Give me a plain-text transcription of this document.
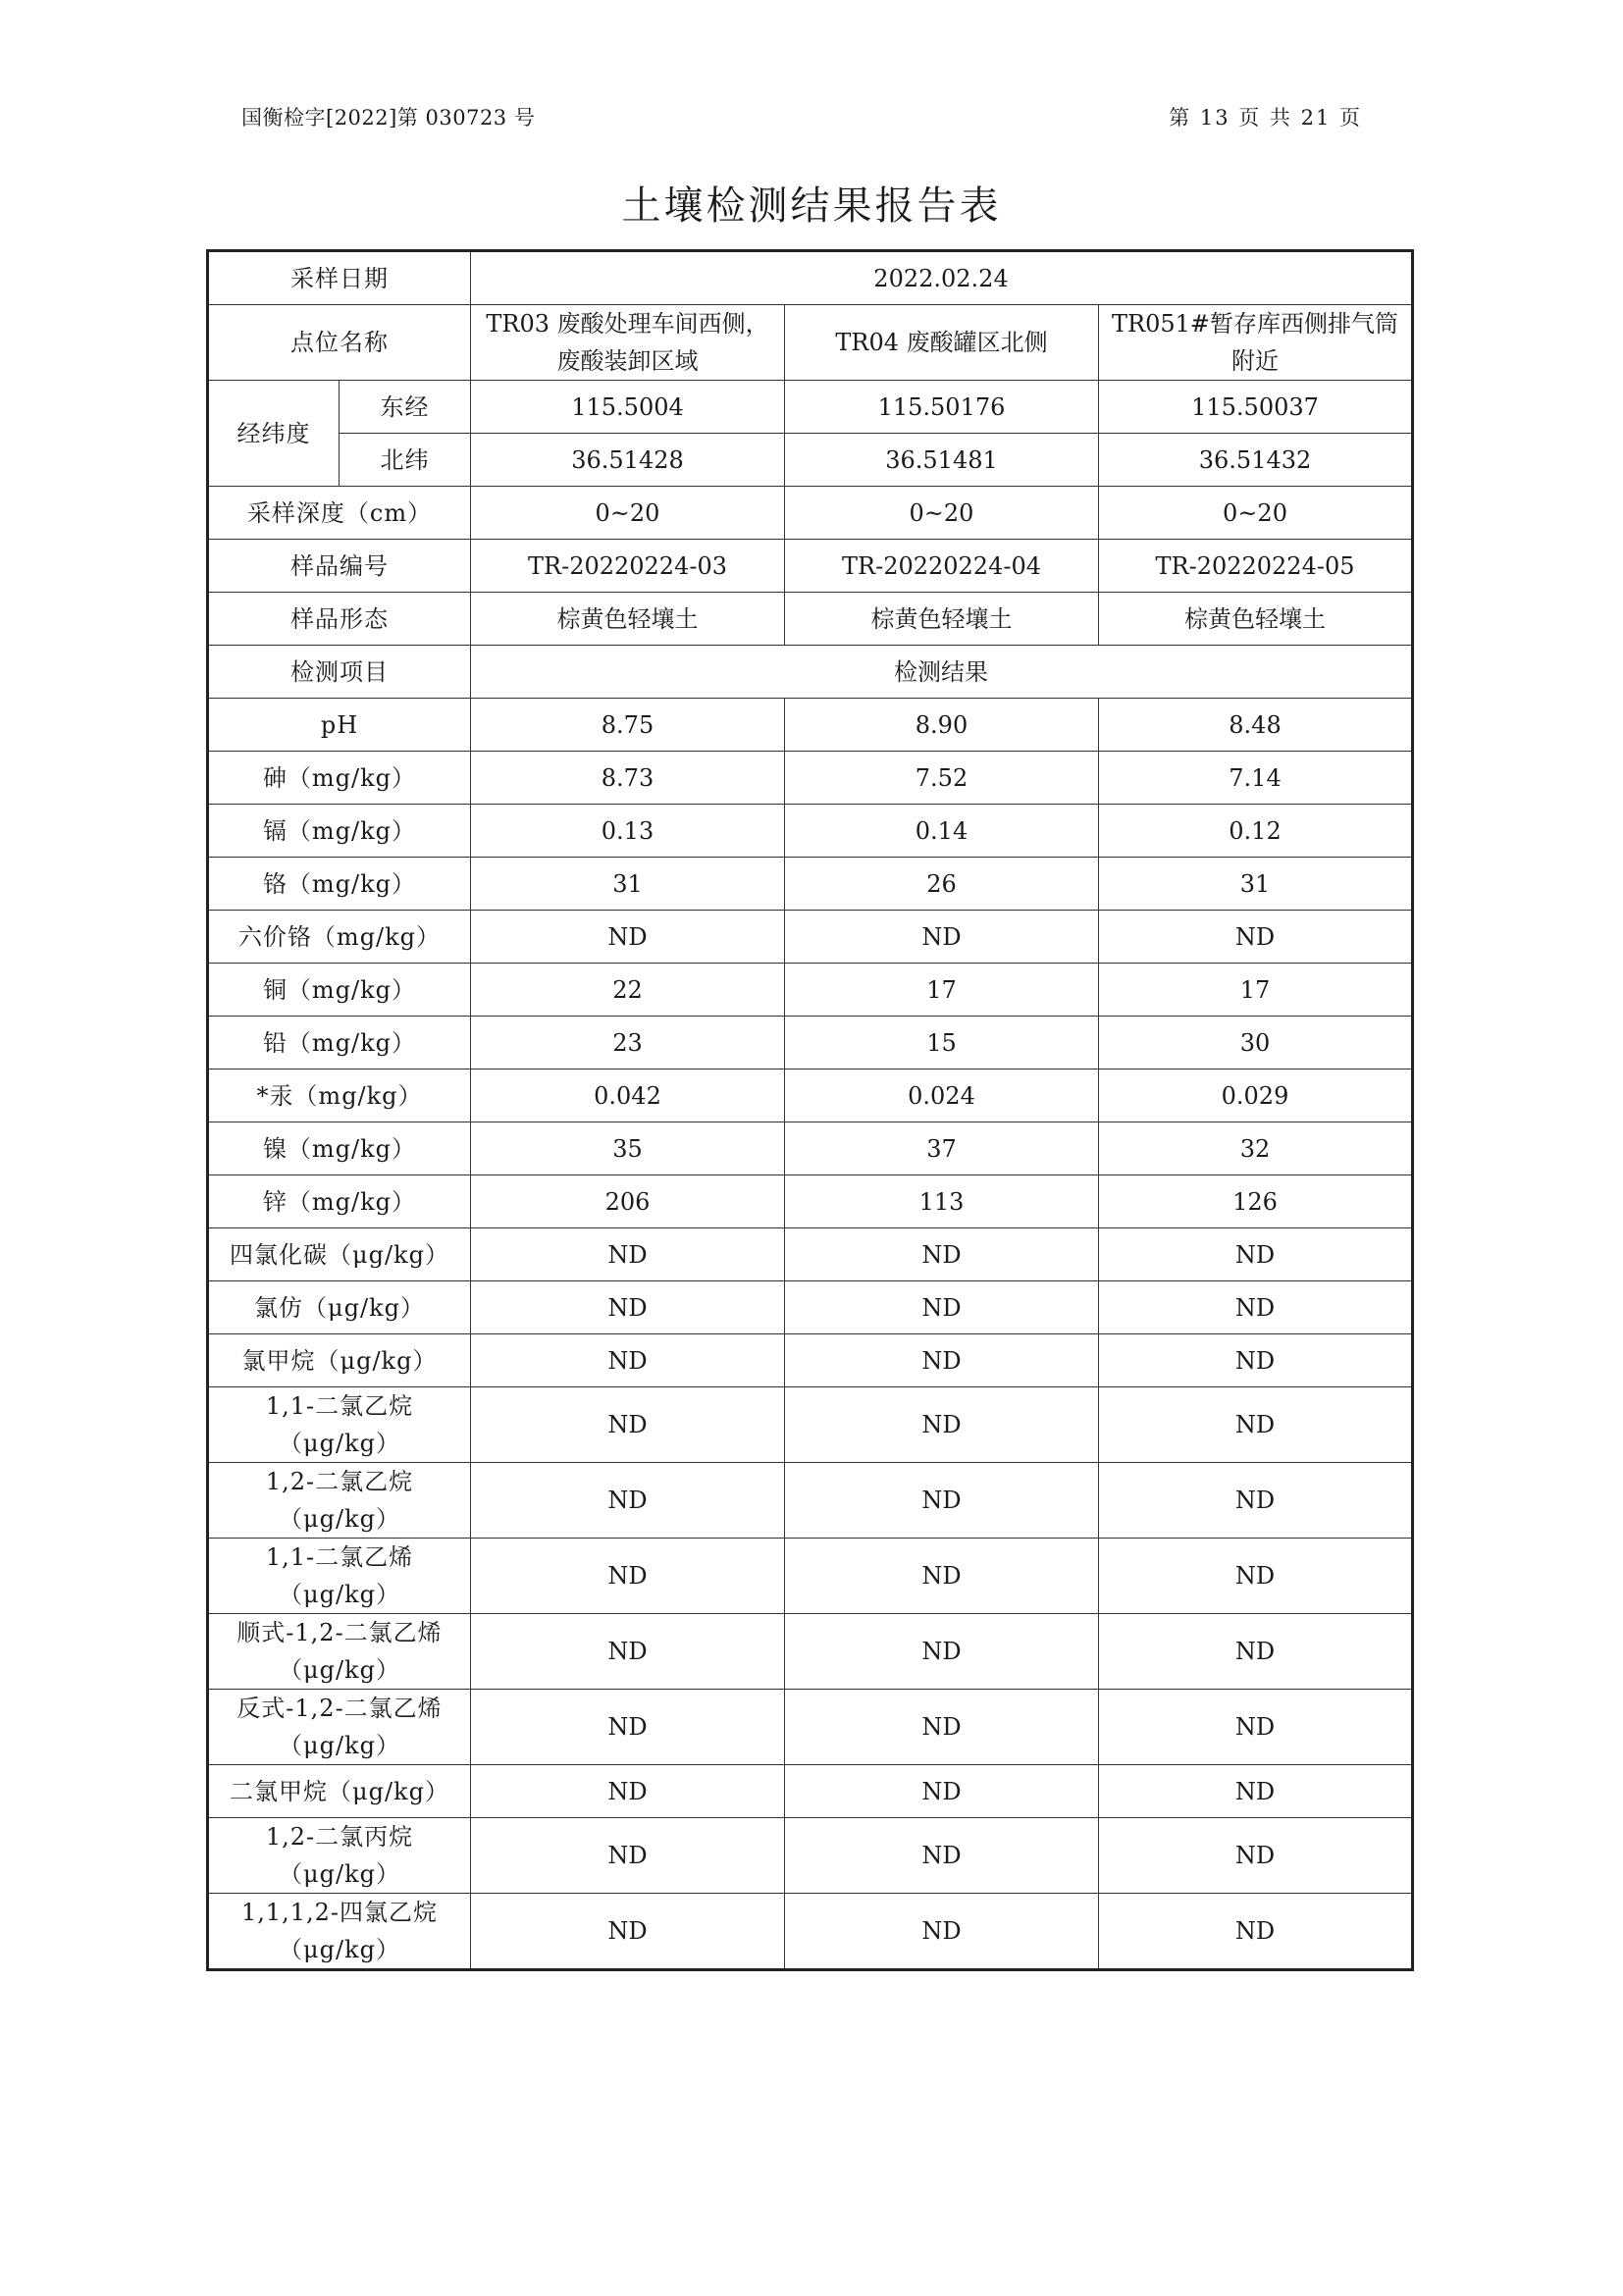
国衡检字[2022]第 030723 号	第 13 页 共 21 页
土壤检测结果报告表
采样日期		2022.02.24		
点位名称		TR03 废酸处理车间西侧，废酸装卸区域	TR04 废酸罐区北侧	TR051#暂存库西侧排气筒附近
经纬度	东经	115.5004	115.50176	115.50037
	北纬	36.51428	36.51481	36.51432
采样深度（cm）		0~20	0~20	0~20
样品编号		TR-20220224-03	TR-20220224-04	TR-20220224-05
样品形态		棕黄色轻壤土	棕黄色轻壤土	棕黄色轻壤土
检测项目		检测结果		
pH		8.75	8.90	8.48
砷（mg/kg）		8.73	7.52	7.14
镉（mg/kg）		0.13	0.14	0.12
铬（mg/kg）		31	26	31
六价铬（mg/kg）		ND	ND	ND
铜（mg/kg）		22	17	17
铅（mg/kg）		23	15	30
*汞（mg/kg）		0.042	0.024	0.029
镍（mg/kg）		35	37	32
锌（mg/kg）		206	113	126
四氯化碳（μg/kg）		ND	ND	ND
氯仿（μg/kg）		ND	ND	ND
氯甲烷（μg/kg）		ND	ND	ND
1,1-二氯乙烷（μg/kg）		ND	ND	ND
1,2-二氯乙烷（μg/kg）		ND	ND	ND
1,1-二氯乙烯（μg/kg）		ND	ND	ND
顺式-1,2-二氯乙烯（μg/kg）		ND	ND	ND
反式-1,2-二氯乙烯（μg/kg）		ND	ND	ND
二氯甲烷（μg/kg）		ND	ND	ND
1,2-二氯丙烷（μg/kg）		ND	ND	ND
1,1,1,2-四氯乙烷（μg/kg）		ND	ND	ND
